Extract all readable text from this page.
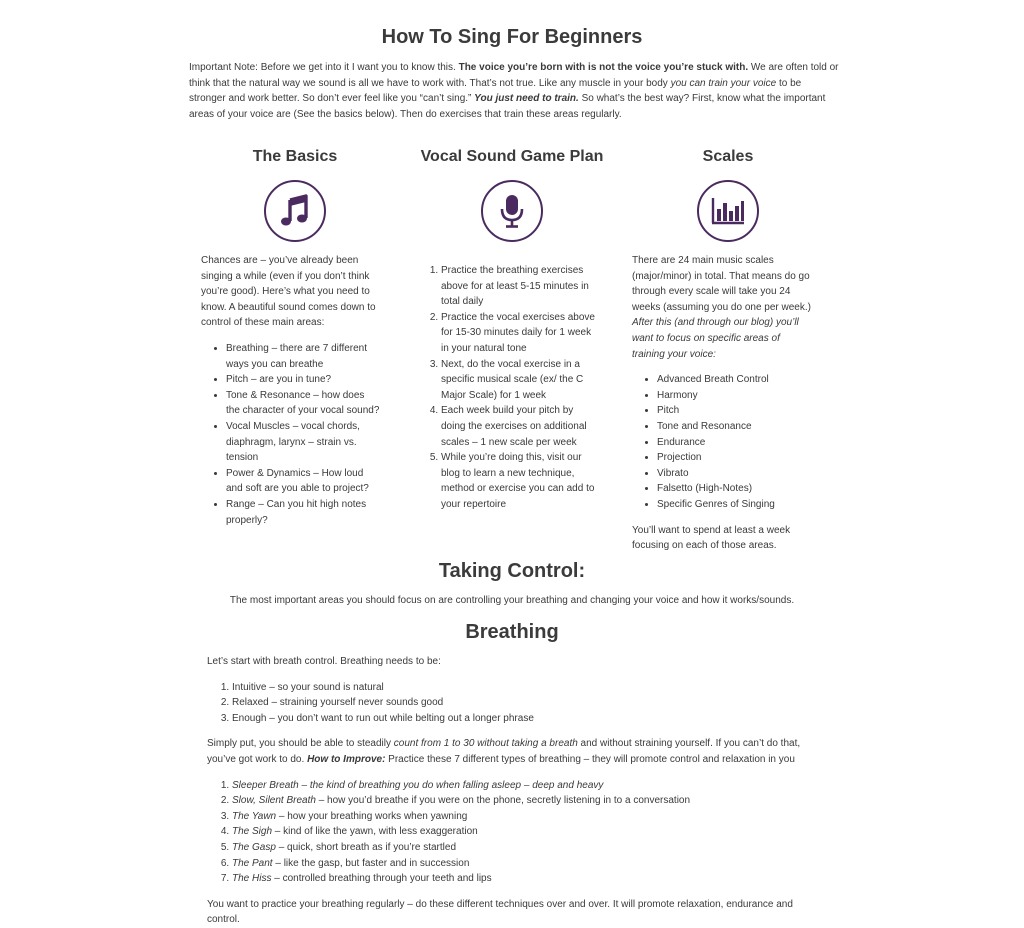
How To Sing For Beginners

Important Note: Before we get into it I want you to know this. The voice you’re born with is not the voice you’re stuck with. We are often told or think that the natural way we sound is all we have to work with. That’s not true. Like any muscle in your body you can train your voice to be stronger and work better. So don’t ever feel like you “can’t sing.” You just need to train. So what’s the best way? First, know what the important areas of your voice are (See the basics below). Then do exercises that train these areas regularly.

The Basics

Chances are – you’ve already been singing a while (even if you don’t think you’re good). Here’s what you need to know. A beautiful sound comes down to control of these main areas:

• Breathing – there are 7 different ways you can breathe
• Pitch – are you in tune?
• Tone & Resonance – how does the character of your vocal sound?
• Vocal Muscles – vocal chords, diaphragm, larynx – strain vs. tension
• Power & Dynamics – How loud and soft are you able to project?
• Range – Can you hit high notes properly?
Vocal Sound Game Plan
1. Practice the breathing exercises above for at least 5-15 minutes in total daily
2. Practice the vocal exercises above for 15-30 minutes daily for 1 week in your natural tone
3. Next, do the vocal exercise in a specific musical scale (ex/ the C Major Scale) for 1 week
4. Each week build your pitch by doing the exercises on additional scales – 1 new scale per week
5. While you’re doing this, visit our blog to learn a new technique, method or exercise you can add to your repertoire
Scales

There are 24 main music scales (major/minor) in total. That means do go through every scale will take you 24 weeks (assuming you do one per week.) After this (and through our blog) you’ll want to focus on specific areas of training your voice:

• Advanced Breath Control
• Harmony
• Pitch
• Tone and Resonance
• Endurance
• Projection
• Vibrato
• Falsetto (High-Notes)
• Specific Genres of Singing

You’ll want to spend at least a week focusing on each of those areas.

Taking Control:
The most important areas you should focus on are controlling your breathing and changing your voice and how it works/sounds.
Breathing

Let’s start with breath control. Breathing needs to be:

1. Intuitive – so your sound is natural
2. Relaxed – straining yourself never sounds good
3. Enough – you don’t want to run out while belting out a longer phrase

Simply put, you should be able to steadily count from 1 to 30 without taking a breath and without straining yourself. If you can’t do that, you’ve got work to do. How to Improve: Practice these 7 different types of breathing – they will promote control and relaxation in you

1. Sleeper Breath – the kind of breathing you do when falling asleep – deep and heavy
2. Slow, Silent Breath – how you’d breathe if you were on the phone, secretly listening in to a conversation
3. The Yawn – how your breathing works when yawning
4. The Sigh – kind of like the yawn, with less exaggeration
5. The Gasp – quick, short breath as if you’re startled
6. The Pant – like the gasp, but faster and in succession
7. The Hiss – controlled breathing through your teeth and lips

You want to practice your breathing regularly – do these different techniques over and over. It will promote relaxation, endurance and control.
